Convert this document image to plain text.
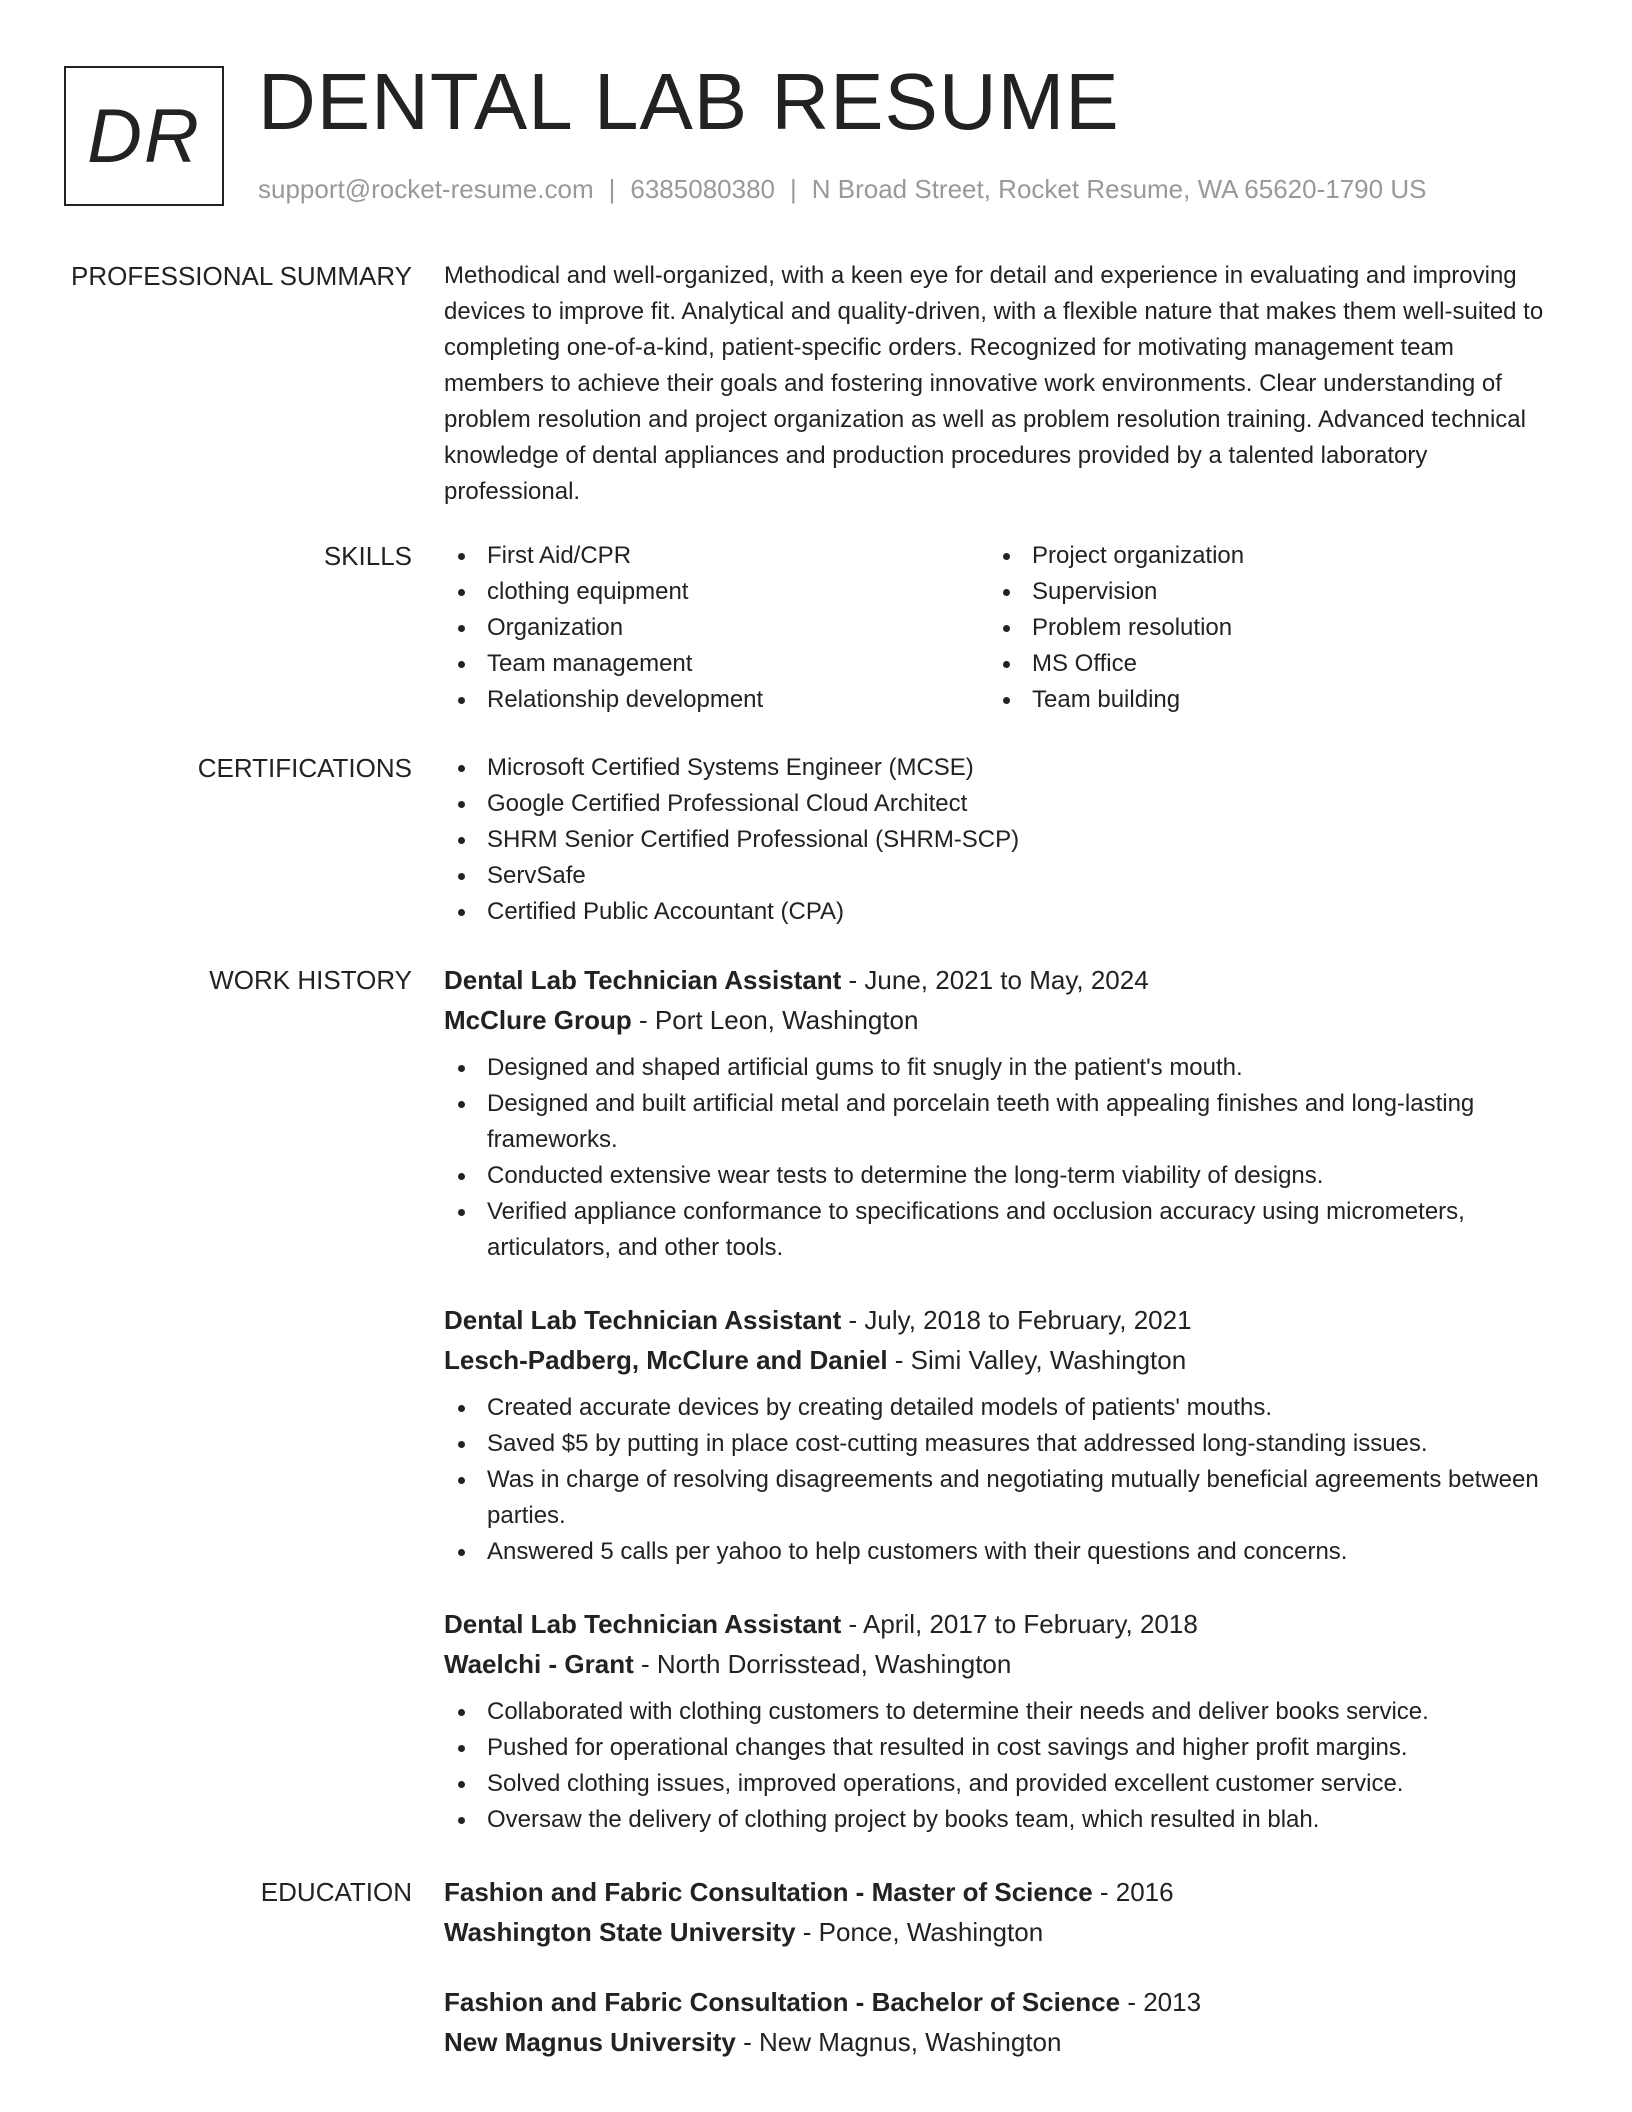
DR DENTAL LAB RESUME
support@rocket-resume.com | 6385080380 | N Broad Street, Rocket Resume, WA 65620-1790 US
PROFESSIONAL SUMMARY Methodical and well-organized, with a keen eye for detail and experience in evaluating and improving devices to improve fit. Analytical and quality-driven, with a flexible nature that makes them well-suited to completing one-of-a-kind, patient-specific orders. Recognized for motivating management team members to achieve their goals and fostering innovative work environments. Clear understanding of problem resolution and project organization as well as problem resolution training. Advanced technical knowledge of dental appliances and production procedures provided by a talented laboratory professional.
SKILLS	First Aid/CPR
clothing equipment
Organization
Team management
Relationship development
Project organization
Supervision
Problem resolution
MS Office
Team building
CERTIFICATIONS	Microsoft Certified Systems Engineer (MCSE)
Google Certified Professional Cloud Architect
SHRM Senior Certified Professional (SHRM-SCP)
ServSafe
Certified Public Accountant (CPA)
WORK HISTORY Dental Lab Technician Assistant - June, 2021 to May, 2024
McClure Group - Port Leon, Washington
Designed and shaped artificial gums to fit snugly in the patient's mouth.
Designed and built artificial metal and porcelain teeth with appealing finishes and long-lasting frameworks.
Conducted extensive wear tests to determine the long-term viability of designs.
Verified appliance conformance to specifications and occlusion accuracy using micrometers, articulators, and other tools.
Dental Lab Technician Assistant - July, 2018 to February, 2021
Lesch-Padberg, McClure and Daniel - Simi Valley, Washington
Created accurate devices by creating detailed models of patients' mouths.
Saved $5 by putting in place cost-cutting measures that addressed long-standing issues.
Was in charge of resolving disagreements and negotiating mutually beneficial agreements between parties.
Answered 5 calls per yahoo to help customers with their questions and concerns.
Dental Lab Technician Assistant - April, 2017 to February, 2018
Waelchi - Grant - North Dorrisstead, Washington
Collaborated with clothing customers to determine their needs and deliver books service.
Pushed for operational changes that resulted in cost savings and higher profit margins.
Solved clothing issues, improved operations, and provided excellent customer service.
Oversaw the delivery of clothing project by books team, which resulted in blah.
EDUCATION Fashion and Fabric Consultation - Master of Science - 2016
Washington State University - Ponce, Washington
Fashion and Fabric Consultation - Bachelor of Science - 2013
New Magnus University - New Magnus, Washington
